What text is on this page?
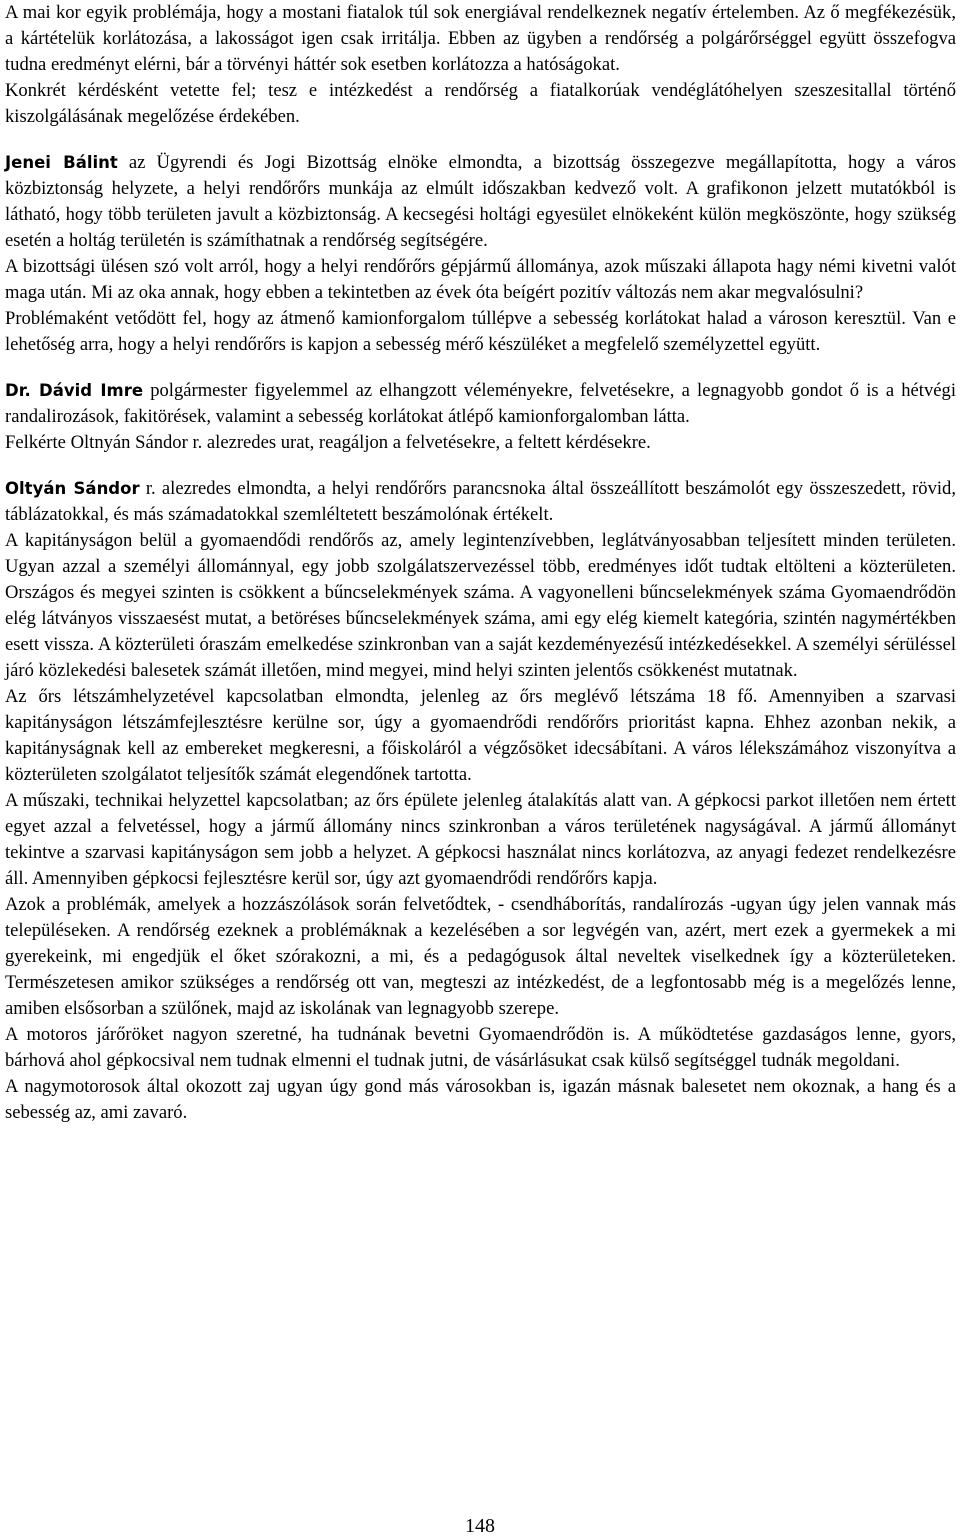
A mai kor egyik problémája, hogy a mostani fiatalok túl sok energiával rendelkeznek negatív értelemben. Az ő megfékezésük, a kártételük korlátozása, a lakosságot igen csak irritálja. Ebben az ügyben a rendőrség a polgárőrséggel együtt összefogva tudna eredményt elérni, bár a törvényi háttér sok esetben korlátozza a hatóságokat.

Konkrét kérdésként vetette fel; tesz e intézkedést a rendőrség a fiatalkorúak vendéglátóhelyen szeszesitallal történő kiszolgálásának megelőzése érdekében.

Jenei Bálint az Ügyrendi és Jogi Bizottság elnöke elmondta, a bizottság összegezve megállapította, hogy a város közbiztonság helyzete, a helyi rendőrőrs munkája az elmúlt időszakban kedvező volt. A grafikonon jelzett mutatókból is látható, hogy több területen javult a közbiztonság. A kecsegési holtági egyesület elnökeként külön megköszönte, hogy szükség esetén a holtág területén is számíthatnak a rendőrség segítségére.

A bizottsági ülésen szó volt arról, hogy a helyi rendőrőrs gépjármű állománya, azok műszaki állapota hagy némi kivetni valót maga után. Mi az oka annak, hogy ebben a tekintetben az évek óta beígért pozitív változás nem akar megvalósulni?

Problémaként vetődött fel, hogy az átmenő kamionforgalom túllépve a sebesség korlátokat halad a városon keresztül. Van e lehetőség arra, hogy a helyi rendőrőrs is kapjon a sebesség mérő készüléket a megfelelő személyzettel együtt.

Dr. Dávid Imre polgármester figyelemmel az elhangzott véleményekre, felvetésekre, a legnagyobb gondot ő is a hétvégi randalirozások, fakitörések, valamint a sebesség korlátokat átlépő kamionforgalomban látta.

Felkérte Oltnyán Sándor r. alezredes urat, reagáljon a felvetésekre, a feltett kérdésekre.

Oltyán Sándor r. alezredes elmondta, a helyi rendőrőrs parancsnoka által összeállított beszámolót egy összeszedett, rövid, táblázatokkal, és más számadatokkal szemléltetett beszámolónak értékelt.

A kapitányságon belül a gyomaendődi rendőrős az, amely legintenzívebben, leglátványosabban teljesített minden területen. Ugyan azzal a személyi állománnyal, egy jobb szolgálatszervezéssel több, eredményes időt tudtak eltölteni a közterületen. Országos és megyei szinten is csökkent a bűncselekmények száma. A vagyonelleni bűncselekmények száma Gyomaendrődön elég látványos visszaesést mutat, a betöréses bűncselekmények száma, ami egy elég kiemelt kategória, szintén nagymértékben esett vissza. A közterületi óraszám emelkedése szinkronban van a saját kezdeményezésű intézkedésekkel. A személyi sérüléssel járó közlekedési balesetek számát illetően, mind megyei, mind helyi szinten jelentős csökkenést mutatnak.

Az őrs létszámhelyzetével kapcsolatban elmondta, jelenleg az őrs meglévő létszáma 18 fő. Amennyiben a szarvasi kapitányságon létszámfejlesztésre kerülne sor, úgy a gyomaendrődi rendőrőrs prioritást kapna. Ehhez azonban nekik, a kapitányságnak kell az embereket megkeresni, a főiskoláról a végzősöket idecsábítani. A város lélekszámához viszonyítva a közterületen szolgálatot teljesítők számát elegendőnek tartotta.

A műszaki, technikai helyzettel kapcsolatban; az őrs épülete jelenleg átalakítás alatt van. A gépkocsi parkot illetően nem értett egyet azzal a felvetéssel, hogy a jármű állomány nincs szinkronban a város területének nagyságával. A jármű állományt tekintve a szarvasi kapitányságon sem jobb a helyzet. A gépkocsi használat nincs korlátozva, az anyagi fedezet rendelkezésre áll. Amennyiben gépkocsi fejlesztésre kerül sor, úgy azt gyomaendrődi rendőrőrs kapja.

Azok a problémák, amelyek a hozzászólások során felvetődtek, - csendháborítás, randalírozás -ugyan úgy jelen vannak más településeken. A rendőrség ezeknek a problémáknak a kezelésében a sor legvégén van, azért, mert ezek a gyermekek a mi gyerekeink, mi engedjük el őket szórakozni, a mi, és a pedagógusok által neveltek viselkednek így a közterületeken. Természetesen amikor szükséges a rendőrség ott van, megteszi az intézkedést, de a legfontosabb még is a megelőzés lenne, amiben elsősorban a szülőnek, majd az iskolának van legnagyobb szerepe.

A motoros járőröket nagyon szeretné, ha tudnának bevetni Gyomaendrődön is. A működtetése gazdaságos lenne, gyors, bárhová ahol gépkocsival nem tudnak elmenni el tudnak jutni, de vásárlásukat csak külső segítséggel tudnák megoldani.

A nagymotorosok által okozott zaj ugyan úgy gond más városokban is, igazán másnak balesetet nem okoznak, a hang és a sebesség az, ami zavaró.

148
